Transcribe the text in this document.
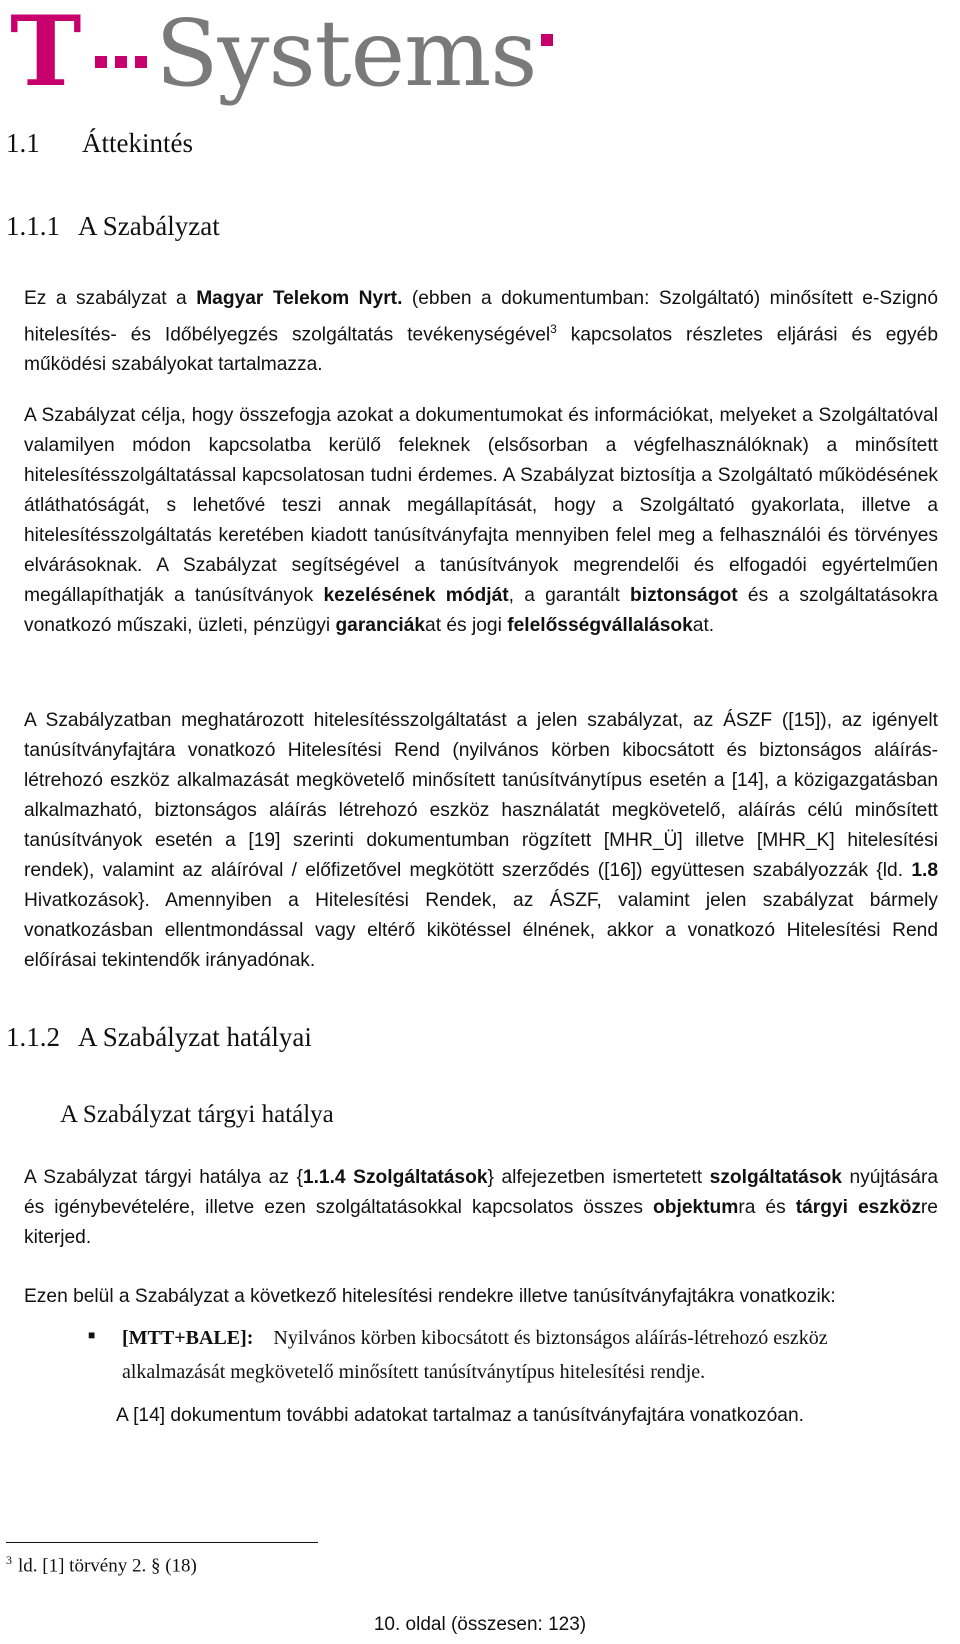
T Systems
1.1 Áttekintés
1.1.1 A Szabályzat
Ez a szabályzat a Magyar Telekom Nyrt. (ebben a dokumentumban: Szolgáltató) minősített e-Szignó hitelesítés- és Időbélyegzés szolgáltatás tevékenységével$^3$ kapcsolatos részletes eljárási és egyéb működési szabályokat tartalmazza.
A Szabályzat célja, hogy összefogja azokat a dokumentumokat és információkat, melyeket a Szolgáltatóval valamilyen módon kapcsolatba kerülő feleknek (elsősorban a végfelhasználóknak) a minősített hitelesítésszolgáltatással kapcsolatosan tudni érdemes. A Szabályzat biztosítja a Szolgáltató működésének átláthatóságát, s lehetővé teszi annak megállapítását, hogy a Szolgáltató gyakorlata, illetve a hitelesítésszolgáltatás keretében kiadott tanúsítványfajta mennyiben felel meg a felhasználói és törvényes elvárásoknak. A Szabályzat segítségével a tanúsítványok megrendelői és elfogadói egyértelműen megállapíthatják a tanúsítványok kezelésének módját, a garantált biztonságot és a szolgáltatásokra vonatkozó műszaki, üzleti, pénzügyi garanciákat és jogi felelősségvállalásokat.
A Szabályzatban meghatározott hitelesítésszolgáltatást a jelen szabályzat, az ÁSZF ([15]), az igényelt tanúsítványfajtára vonatkozó Hitelesítési Rend (nyilvános körben kibocsátott és biztonságos aláírás-létrehozó eszköz alkalmazását megkövetelő minősített tanúsítványtípus esetén a [14], a közigazgatásban alkalmazható, biztonságos aláírás létrehozó eszköz használatát megkövetelő, aláírás célú minősített tanúsítványok esetén a [19] szerinti dokumentumban rögzített [MHR_Ü] illetve [MHR_K] hitelesítési rendek), valamint az aláíróval / előfizetővel megkötött szerződés ([16]) együttesen szabályozzák {ld. 1.8 Hivatkozások}. Amennyiben a Hitelesítési Rendek, az ÁSZF, valamint jelen szabályzat bármely vonatkozásban ellentmondással vagy eltérő kikötéssel élnének, akkor a vonatkozó Hitelesítési Rend előírásai tekintendők irányadónak.
1.1.2 A Szabályzat hatályai
A Szabályzat tárgyi hatálya
A Szabályzat tárgyi hatálya az {1.1.4 Szolgáltatások} alfejezetben ismertetett szolgáltatások nyújtására és igénybevételére, illetve ezen szolgáltatásokkal kapcsolatos összes objektumra és tárgyi eszközre kiterjed.
Ezen belül a Szabályzat a következő hitelesítési rendekre illetve tanúsítványfajtákra vonatkozik:
■ [MTT+BALE]: Nyilvános körben kibocsátott és biztonságos aláírás-létrehozó eszköz alkalmazását megkövetelő minősített tanúsítványtípus hitelesítési rendje.
A [14] dokumentum további adatokat tartalmaz a tanúsítványfajtára vonatkozóan.
$^3$ ld. [1] törvény 2. § (18)
10. oldal (összesen: 123)
